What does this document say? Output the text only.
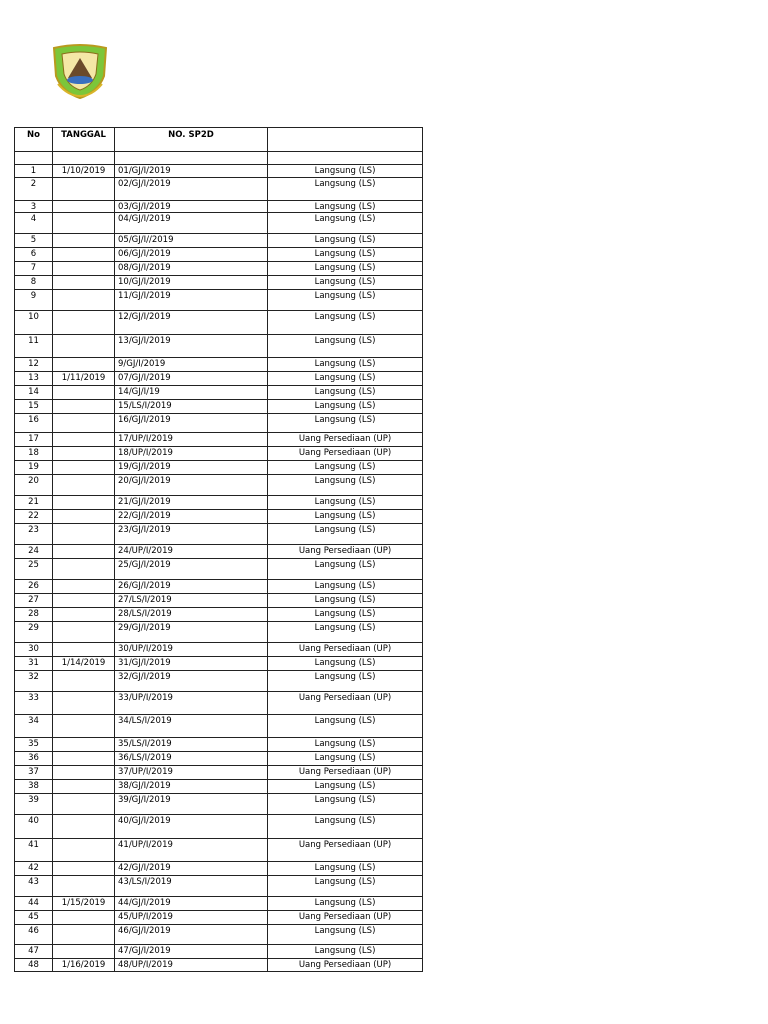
No	TANGGAL	NO. SP2D	

1	1/10/2019	01/GJ/I/2019	Langsung (LS)
2		02/GJ/I/2019	Langsung (LS)
3		03/GJ/I/2019	Langsung (LS)
4		04/GJ/I/2019	Langsung (LS)
5		05/GJ/I//2019	Langsung (LS)
6		06/GJ/I/2019	Langsung (LS)
7		08/GJ/I/2019	Langsung (LS)
8		10/GJ/I/2019	Langsung (LS)
9		11/GJ/I/2019	Langsung (LS)
10		12/GJ/I/2019	Langsung (LS)
11		13/GJ/I/2019	Langsung (LS)
12		9/GJ/I/2019	Langsung (LS)
13	1/11/2019	07/GJ/I/2019	Langsung (LS)
14		14/GJ/I/19	Langsung (LS)
15		15/LS/I/2019	Langsung (LS)
16		16/GJ/I/2019	Langsung (LS)
17		17/UP/I/2019	Uang Persediaan (UP)
18		18/UP/I/2019	Uang Persediaan (UP)
19		19/GJ/I/2019	Langsung (LS)
20		20/GJ/I/2019	Langsung (LS)
21		21/GJ/I/2019	Langsung (LS)
22		22/GJ/I/2019	Langsung (LS)
23		23/GJ/I/2019	Langsung (LS)
24		24/UP/I/2019	Uang Persediaan (UP)
25		25/GJ/I/2019	Langsung (LS)
26		26/GJ/I/2019	Langsung (LS)
27		27/LS/I/2019	Langsung (LS)
28		28/LS/I/2019	Langsung (LS)
29		29/GJ/I/2019	Langsung (LS)
30		30/UP/I/2019	Uang Persediaan (UP)
31	1/14/2019	31/GJ/I/2019	Langsung (LS)
32		32/GJ/I/2019	Langsung (LS)
33		33/UP/I/2019	Uang Persediaan (UP)
34		34/LS/I/2019	Langsung (LS)
35		35/LS/I/2019	Langsung (LS)
36		36/LS/I/2019	Langsung (LS)
37		37/UP/I/2019	Uang Persediaan (UP)
38		38/GJ/I/2019	Langsung (LS)
39		39/GJ/I/2019	Langsung (LS)
40		40/GJ/I/2019	Langsung (LS)
41		41/UP/I/2019	Uang Persediaan (UP)
42		42/GJ/I/2019	Langsung (LS)
43		43/LS/I/2019	Langsung (LS)
44	1/15/2019	44/GJ/I/2019	Langsung (LS)
45		45/UP/I/2019	Uang Persediaan (UP)
46		46/GJ/I/2019	Langsung (LS)
47		47/GJ/I/2019	Langsung (LS)
48	1/16/2019	48/UP/I/2019	Uang Persediaan (UP)
